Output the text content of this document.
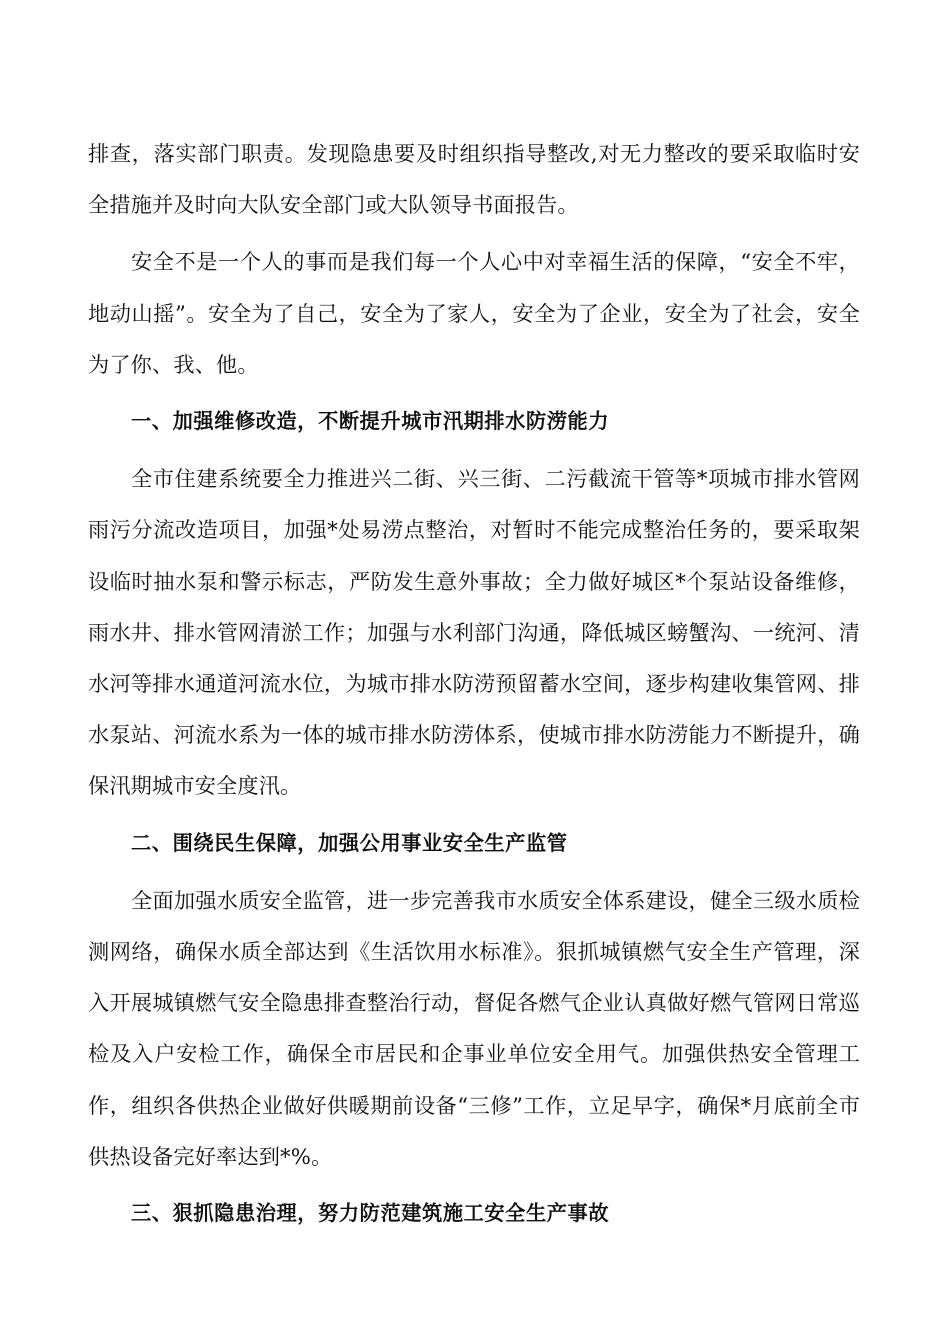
排查，落实部门职责。发现隐患要及时组织指导整改,对无力整改的要采取临时安全措施并及时向大队安全部门或大队领导书面报告。

安全不是一个人的事而是我们每一个人心中对幸福生活的保障，“安全不牢，地动山摇”。安全为了自己，安全为了家人，安全为了企业，安全为了社会，安全为了你、我、他。

一、加强维修改造，不断提升城市汛期排水防涝能力

全市住建系统要全力推进兴二街、兴三街、二污截流干管等*项城市排水管网雨污分流改造项目，加强*处易涝点整治，对暂时不能完成整治任务的，要采取架设临时抽水泵和警示标志，严防发生意外事故；全力做好城区*个泵站设备维修，雨水井、排水管网清淤工作；加强与水利部门沟通，降低城区螃蟹沟、一统河、清水河等排水通道河流水位，为城市排水防涝预留蓄水空间，逐步构建收集管网、排水泵站、河流水系为一体的城市排水防涝体系，使城市排水防涝能力不断提升，确保汛期城市安全度汛。

二、围绕民生保障，加强公用事业安全生产监管

全面加强水质安全监管，进一步完善我市水质安全体系建设，健全三级水质检测网络，确保水质全部达到《生活饮用水标准》。狠抓城镇燃气安全生产管理，深入开展城镇燃气安全隐患排查整治行动，督促各燃气企业认真做好燃气管网日常巡检及入户安检工作，确保全市居民和企事业单位安全用气。加强供热安全管理工作，组织各供热企业做好供暖期前设备“三修”工作，立足早字，确保*月底前全市供热设备完好率达到*%。

三、狠抓隐患治理，努力防范建筑施工安全生产事故
